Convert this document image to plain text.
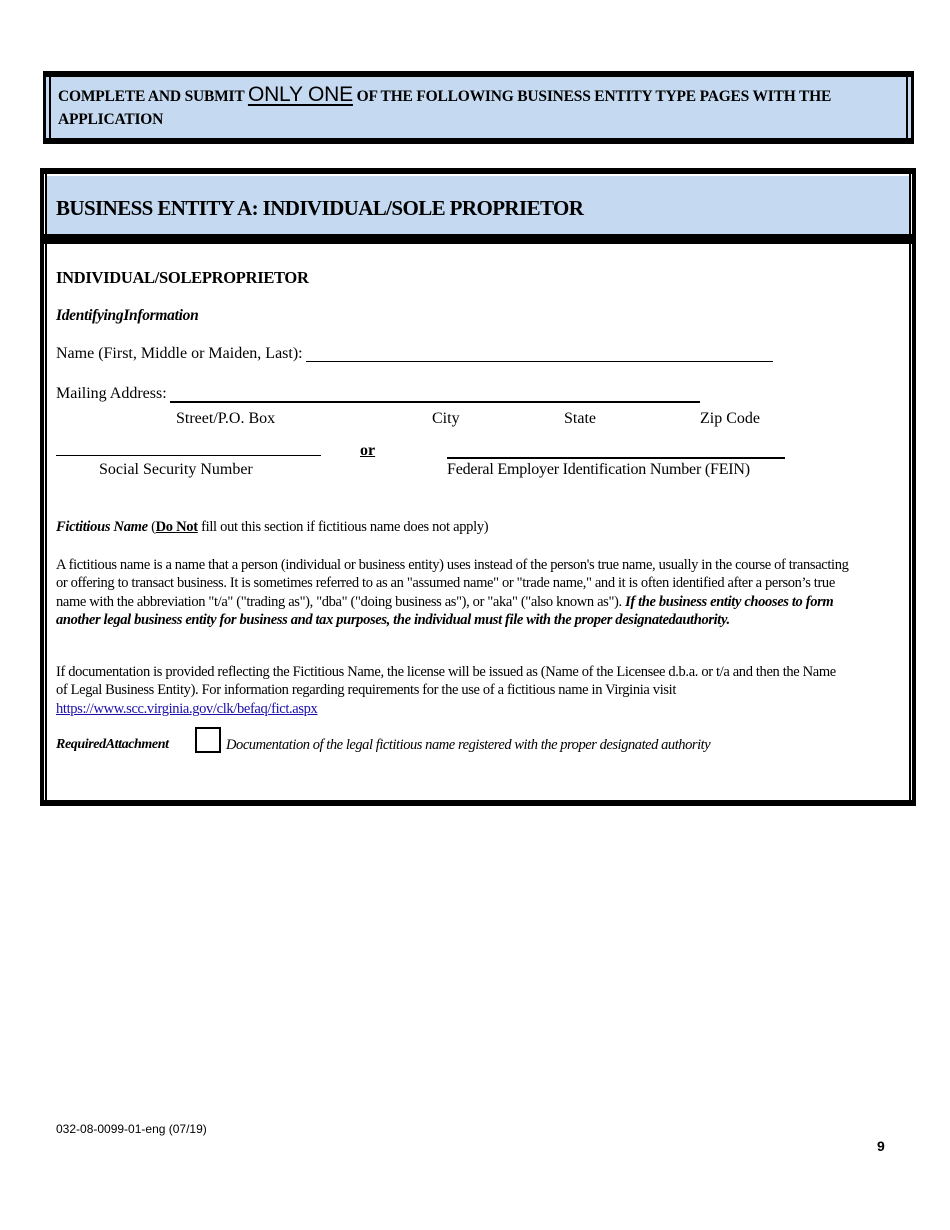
COMPLETE AND SUBMIT ONLY ONE OF THE FOLLOWING BUSINESS ENTITY TYPE PAGES WITH THE APPLICATION
BUSINESS ENTITY A: INDIVIDUAL/SOLE PROPRIETOR
INDIVIDUAL/SOLEPROPRIETOR
IdentifyingInformation
Name (First, Middle or Maiden, Last):
Mailing Address:
Street/P.O. Box	City	State	Zip Code
or
Social Security Number	Federal Employer Identification Number (FEIN)
Fictitious Name (Do Not fill out this section if fictitious name does not apply)
A fictitious name is a name that a person (individual or business entity) uses instead of the person's true name, usually in the course of transacting or offering to transact business. It is sometimes referred to as an "assumed name" or "trade name," and it is often identified after a person’s true name with the abbreviation "t/a" ("trading as"), "dba" ("doing business as"), or "aka" ("also known as"). If the business entity chooses to form another legal business entity for business and tax purposes, the individual must file with the proper designatedauthority.
If documentation is provided reflecting the Fictitious Name, the license will be issued as (Name of the Licensee d.b.a. or t/a and then the Name of Legal Business Entity). For information regarding requirements for the use of a fictitious name in Virginia visit https://www.scc.virginia.gov/clk/befaq/fict.aspx
RequiredAttachment	Documentation of the legal fictitious name registered with the proper designated authority
032-08-0099-01-eng (07/19)
9
